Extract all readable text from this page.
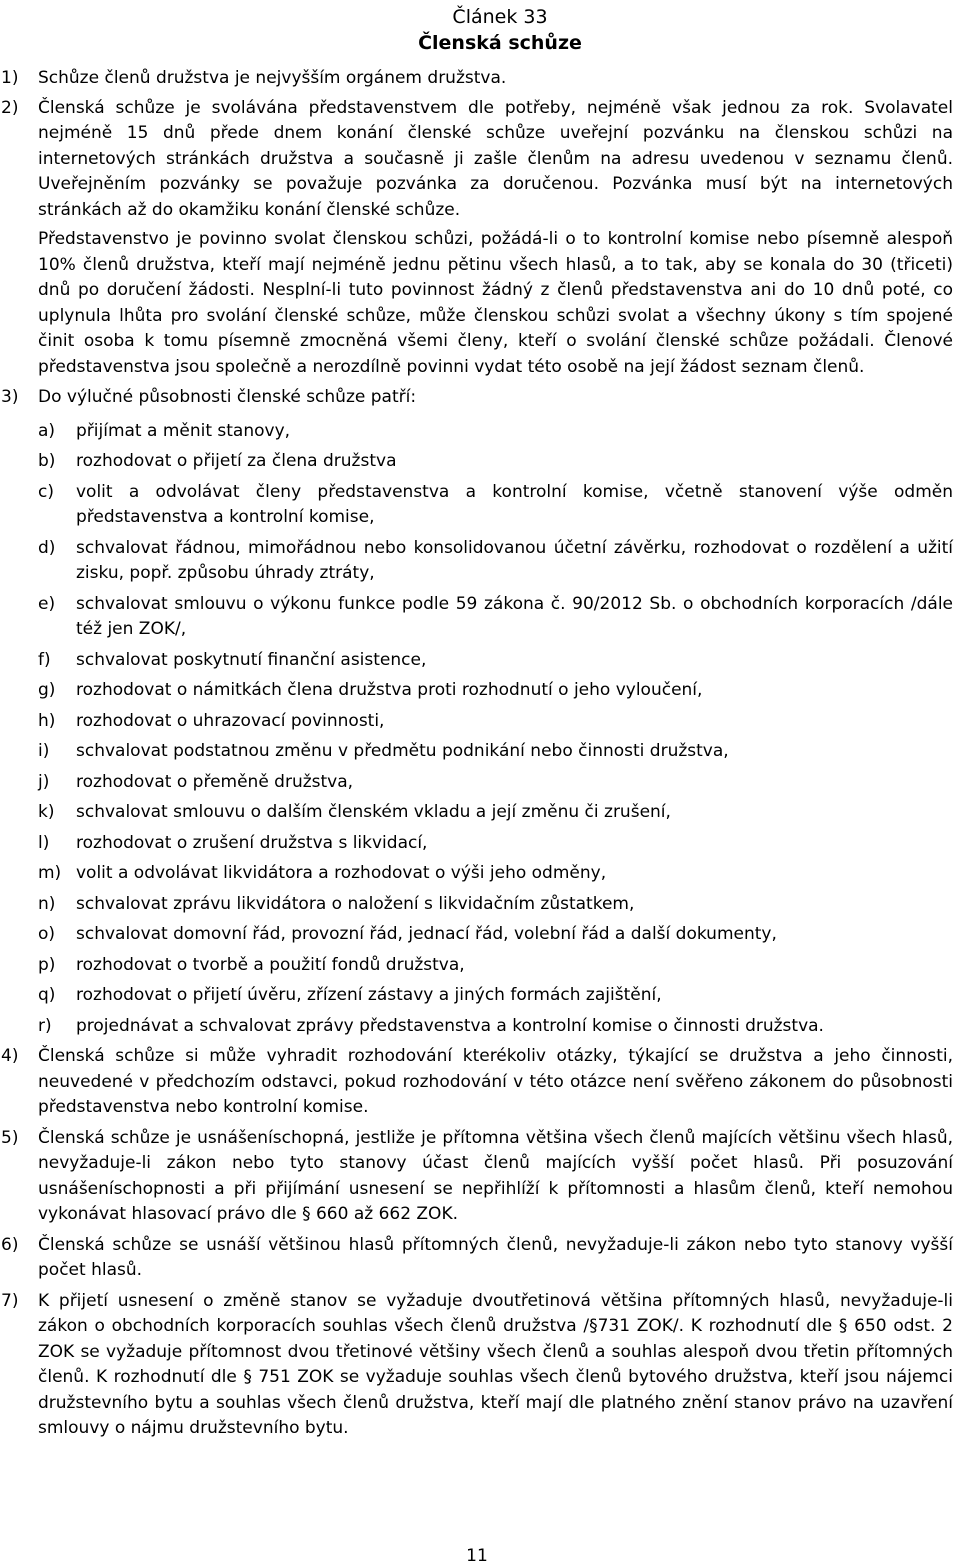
Článek 33
Členská schůze
1) Schůze členů družstva je nejvyšším orgánem družstva.
2) Členská schůze je svolávána představenstvem dle potřeby, nejméně však jednou za rok. Svolavatel nejméně 15 dnů přede dnem konání členské schůze uveřejní pozvánku na členskou schůzi na internetových stránkách družstva a současně ji zašle členům na adresu uvedenou v seznamu členů. Uveřejněním pozvánky se považuje pozvánka za doručenou. Pozvánka musí být na internetových stránkách až do okamžiku konání členské schůze.
Představenstvo je povinno svolat členskou schůzi, požádá-li o to kontrolní komise nebo písemně alespoň 10% členů družstva, kteří mají nejméně jednu pětinu všech hlasů, a to tak, aby se konala do 30 (třiceti) dnů po doručení žádosti. Nesplní-li tuto povinnost žádný z členů představenstva ani do 10 dnů poté, co uplynula lhůta pro svolání členské schůze, může členskou schůzi svolat a všechny úkony s tím spojené činit osoba k tomu písemně zmocněná všemi členy, kteří o svolání členské schůze požádali. Členové představenstva jsou společně a nerozdílně povinni vydat této osobě na její žádost seznam členů.
3) Do výlučné působnosti členské schůze patří:
a) přijímat a měnit stanovy,
b) rozhodovat o přijetí za člena družstva
c) volit a odvolávat členy představenstva a kontrolní komise, včetně stanovení výše odměn představenstva a kontrolní komise,
d) schvalovat řádnou, mimořádnou nebo konsolidovanou účetní závěrku, rozhodovat o rozdělení a užití zisku, popř. způsobu úhrady ztráty,
e) schvalovat smlouvu o výkonu funkce podle 59 zákona č. 90/2012 Sb. o obchodních korporacích /dále též jen ZOK/,
f) schvalovat poskytnutí finanční asistence,
g) rozhodovat o námitkách člena družstva proti rozhodnutí o jeho vyloučení,
h) rozhodovat o uhrazovací povinnosti,
i) schvalovat podstatnou změnu v předmětu podnikání nebo činnosti družstva,
j) rozhodovat o přeměně družstva,
k) schvalovat smlouvu o dalším členském vkladu a její změnu či zrušení,
l) rozhodovat o zrušení družstva s likvidací,
m) volit a odvolávat likvidátora a rozhodovat o výši jeho odměny,
n) schvalovat zprávu likvidátora o naložení s likvidačním zůstatkem,
o) schvalovat domovní řád, provozní řád, jednací řád, volební řád a další dokumenty,
p) rozhodovat o tvorbě a použití fondů družstva,
q) rozhodovat o přijetí úvěru, zřízení zástavy a jiných formách zajištění,
r) projednávat a schvalovat zprávy představenstva a kontrolní komise o činnosti družstva.
4) Členská schůze si může vyhradit rozhodování kterékoliv otázky, týkající se družstva a jeho činnosti, neuvedené v předchozím odstavci, pokud rozhodování v této otázce není svěřeno zákonem do působnosti představenstva nebo kontrolní komise.
5) Členská schůze je usnášeníschopná, jestliže je přítomna většina všech členů majících většinu všech hlasů, nevyžaduje-li zákon nebo tyto stanovy účast členů majících vyšší počet hlasů. Při posuzování usnášeníschopnosti a při přijímání usnesení se nepřihlíží k přítomnosti a hlasům členů, kteří nemohou vykonávat hlasovací právo dle § 660 až 662 ZOK.
6) Členská schůze se usnáší většinou hlasů přítomných členů, nevyžaduje-li zákon nebo tyto stanovy vyšší počet hlasů.
7) K přijetí usnesení o změně stanov se vyžaduje dvoutřetinová většina přítomných hlasů, nevyžaduje-li zákon o obchodních korporacích souhlas všech členů družstva /§731 ZOK/. K rozhodnutí dle § 650 odst. 2 ZOK se vyžaduje přítomnost dvou třetinové většiny všech členů a souhlas alespoň dvou třetin přítomných členů. K rozhodnutí dle § 751 ZOK se vyžaduje souhlas všech členů bytového družstva, kteří jsou nájemci družstevního bytu a souhlas všech členů družstva, kteří mají dle platného znění stanov právo na uzavření smlouvy o nájmu družstevního bytu.
11
